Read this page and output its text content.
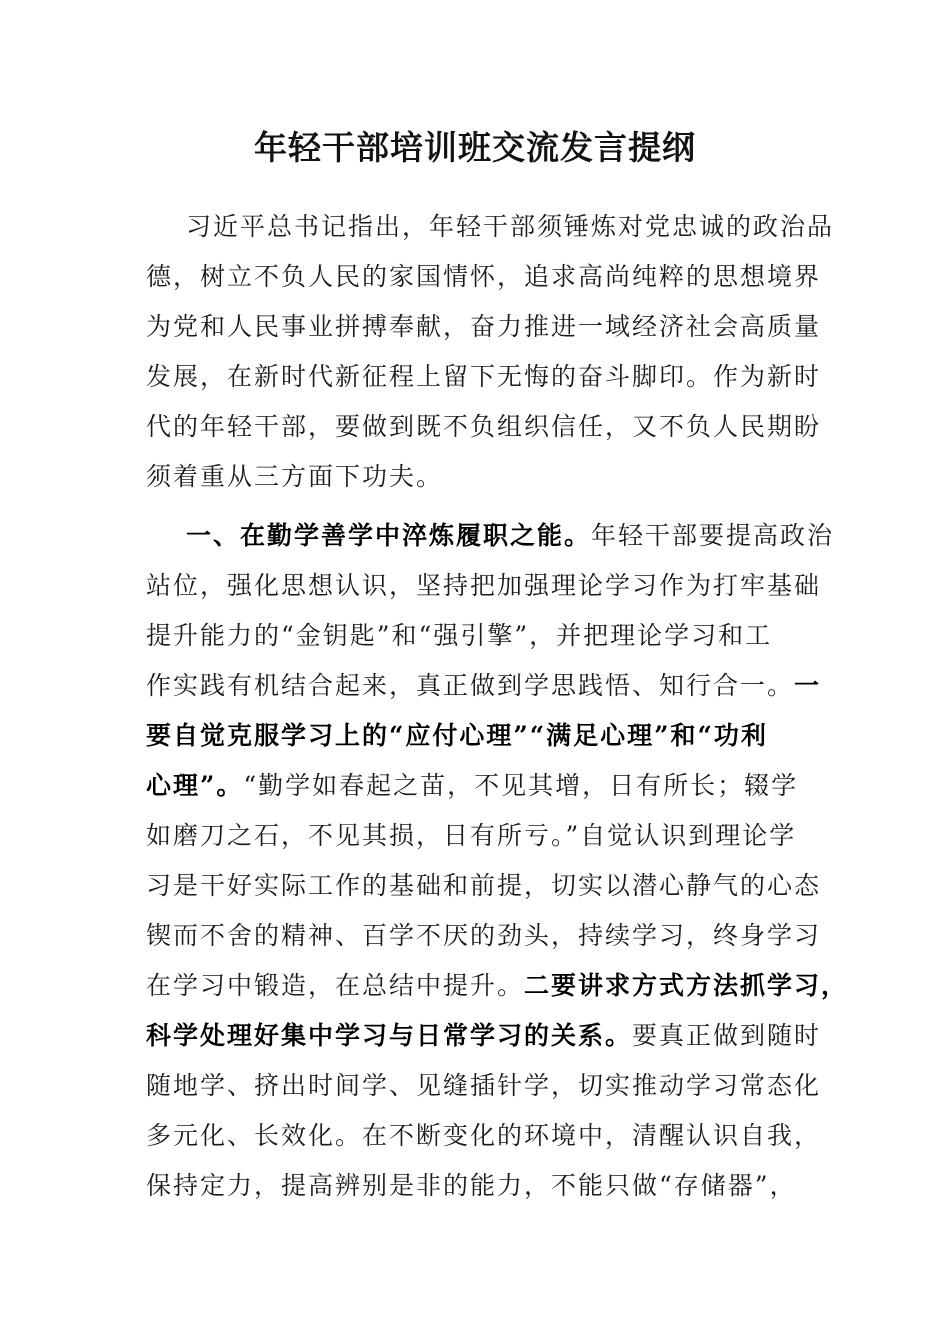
年轻干部培训班交流发言提纲
习近平总书记指出，年轻干部须锤炼对党忠诚的政治品
德，树立不负人民的家国情怀，追求高尚纯粹的思想境界
为党和人民事业拼搏奉献，奋力推进一域经济社会高质量
发展，在新时代新征程上留下无悔的奋斗脚印。作为新时
代的年轻干部，要做到既不负组织信任，又不负人民期盼
须着重从三方面下功夫。
一、在勤学善学中淬炼履职之能。年轻干部要提高政治
站位，强化思想认识，坚持把加强理论学习作为打牢基础
提升能力的“金钥匙”和“强引擎”，并把理论学习和工
作实践有机结合起来，真正做到学思践悟、知行合一。一
要自觉克服学习上的“应付心理”“满足心理”和“功利
心理”。“勤学如春起之苗，不见其增，日有所长；辍学
如磨刀之石，不见其损，日有所亏。”自觉认识到理论学
习是干好实际工作的基础和前提，切实以潜心静气的心态
锲而不舍的精神、百学不厌的劲头，持续学习，终身学习
在学习中锻造，在总结中提升。二要讲求方式方法抓学习，
科学处理好集中学习与日常学习的关系。要真正做到随时
随地学、挤出时间学、见缝插针学，切实推动学习常态化
多元化、长效化。在不断变化的环境中，清醒认识自我，
保持定力，提高辨别是非的能力，不能只做“存储器”，
